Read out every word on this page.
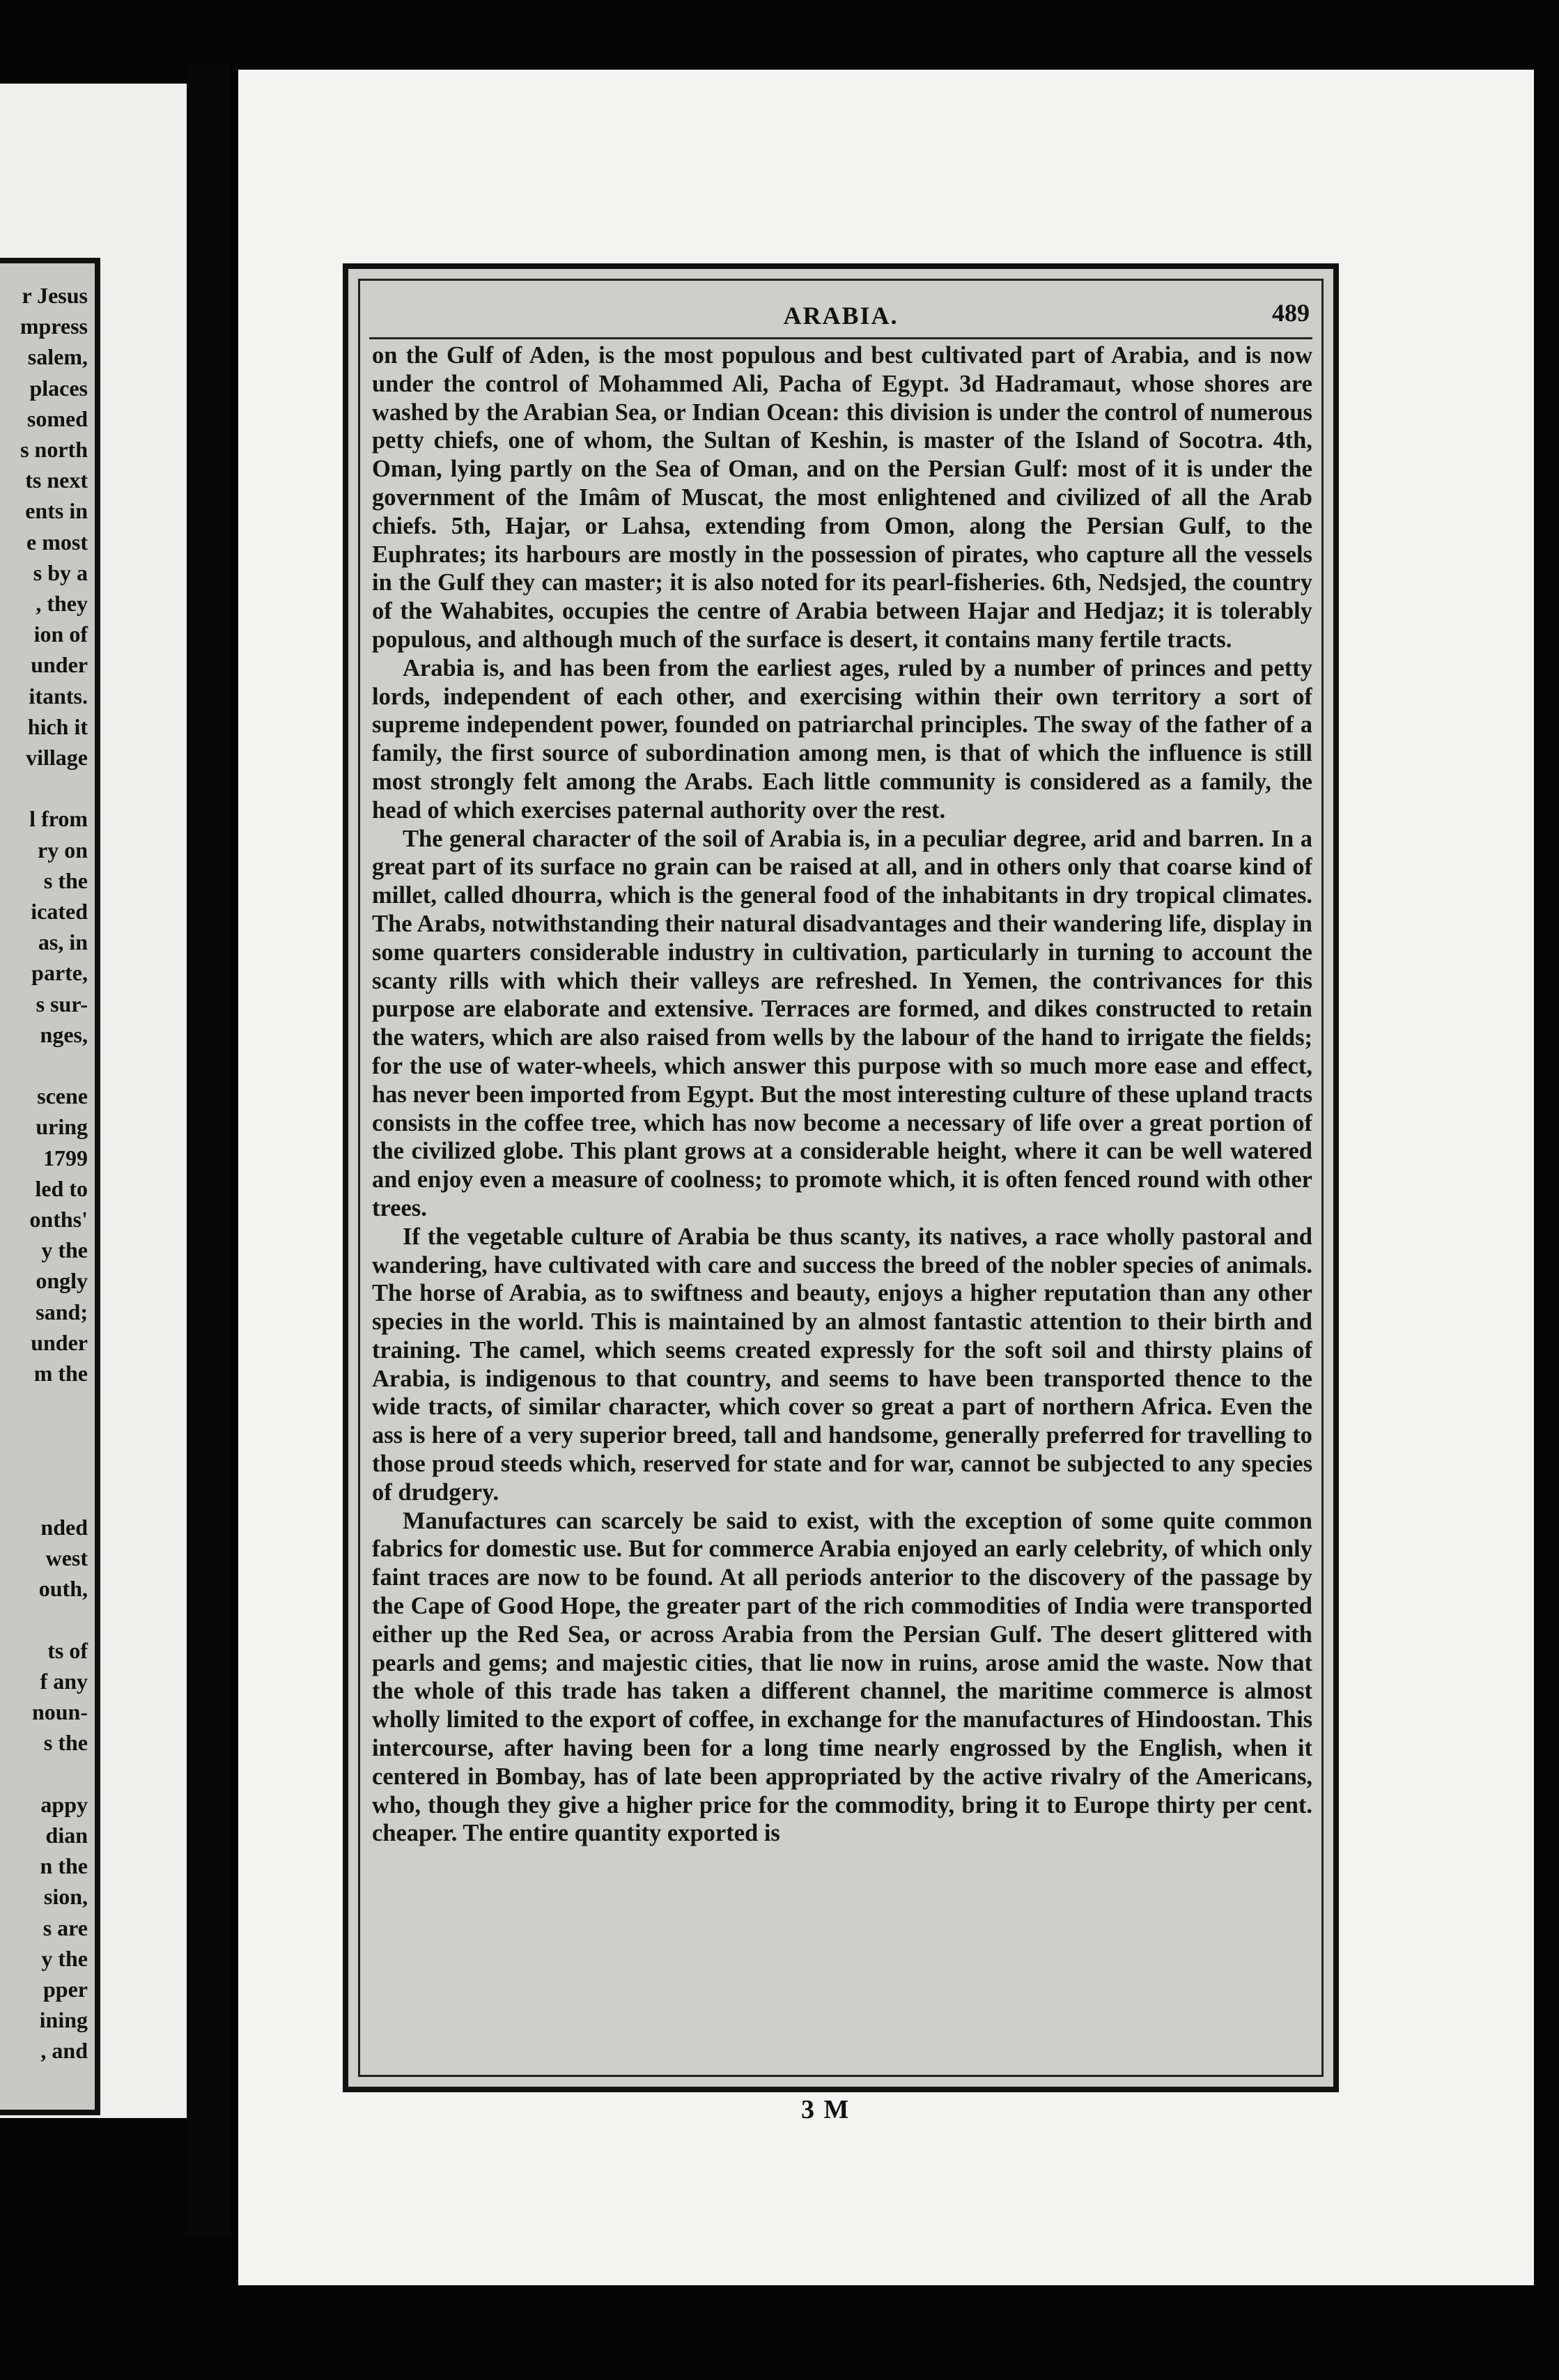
r Jesus
mpress
salem,
places
somed
s north
ts next
ents in
e most
s by a
, they
ion of
under
itants.
hich it
village
l from
ry on
s the
icated
as, in
parte,
s sur-
nges,
scene
uring
1799
led to
onths'
y the
ongly
sand;
under
m the
nded
west
outh,
ts of
f any
noun-
s the
appy
dian
n the
sion,
s are
y the
pper
ining
, and
ARABIA.	489

on the Gulf of Aden, is the most populous and best cultivated part of Arabia, and is now under the control of Mohammed Ali, Pacha of Egypt. 3d Hadramaut, whose shores are washed by the Arabian Sea, or Indian Ocean: this division is under the control of numerous petty chiefs, one of whom, the Sultan of Keshin, is master of the Island of Socotra. 4th, Oman, lying partly on the Sea of Oman, and on the Persian Gulf: most of it is under the government of the Imâm of Muscat, the most enlightened and civilized of all the Arab chiefs. 5th, Hajar, or Lahsa, extending from Omon, along the Persian Gulf, to the Euphrates; its harbours are mostly in the possession of pirates, who capture all the vessels in the Gulf they can master; it is also noted for its pearl-fisheries. 6th, Nedsjed, the country of the Wahabites, occupies the centre of Arabia between Hajar and Hedjaz; it is tolerably populous, and although much of the surface is desert, it contains many fertile tracts.

Arabia is, and has been from the earliest ages, ruled by a number of princes and petty lords, independent of each other, and exercising within their own territory a sort of supreme independent power, founded on patriarchal principles. The sway of the father of a family, the first source of subordination among men, is that of which the influence is still most strongly felt among the Arabs. Each little community is considered as a family, the head of which exercises paternal authority over the rest.

The general character of the soil of Arabia is, in a peculiar degree, arid and barren. In a great part of its surface no grain can be raised at all, and in others only that coarse kind of millet, called dhourra, which is the general food of the inhabitants in dry tropical climates. The Arabs, notwithstanding their natural disadvantages and their wandering life, display in some quarters considerable industry in cultivation, particularly in turning to account the scanty rills with which their valleys are refreshed. In Yemen, the contrivances for this purpose are elaborate and extensive. Terraces are formed, and dikes constructed to retain the waters, which are also raised from wells by the labour of the hand to irrigate the fields; for the use of water-wheels, which answer this purpose with so much more ease and effect, has never been imported from Egypt. But the most interesting culture of these upland tracts consists in the coffee tree, which has now become a necessary of life over a great portion of the civilized globe. This plant grows at a considerable height, where it can be well watered and enjoy even a measure of coolness; to promote which, it is often fenced round with other trees.

If the vegetable culture of Arabia be thus scanty, its natives, a race wholly pastoral and wandering, have cultivated with care and success the breed of the nobler species of animals. The horse of Arabia, as to swiftness and beauty, enjoys a higher reputation than any other species in the world. This is maintained by an almost fantastic attention to their birth and training. The camel, which seems created expressly for the soft soil and thirsty plains of Arabia, is indigenous to that country, and seems to have been transported thence to the wide tracts, of similar character, which cover so great a part of northern Africa. Even the ass is here of a very superior breed, tall and handsome, generally preferred for travelling to those proud steeds which, reserved for state and for war, cannot be subjected to any species of drudgery.

Manufactures can scarcely be said to exist, with the exception of some quite common fabrics for domestic use. But for commerce Arabia enjoyed an early celebrity, of which only faint traces are now to be found. At all periods anterior to the discovery of the passage by the Cape of Good Hope, the greater part of the rich commodities of India were transported either up the Red Sea, or across Arabia from the Persian Gulf. The desert glittered with pearls and gems; and majestic cities, that lie now in ruins, arose amid the waste. Now that the whole of this trade has taken a different channel, the maritime commerce is almost wholly limited to the export of coffee, in exchange for the manufactures of Hindoostan. This intercourse, after having been for a long time nearly engrossed by the English, when it centered in Bombay, has of late been appropriated by the active rivalry of the Americans, who, though they give a higher price for the commodity, bring it to Europe thirty per cent. cheaper. The entire quantity exported is

3 M
